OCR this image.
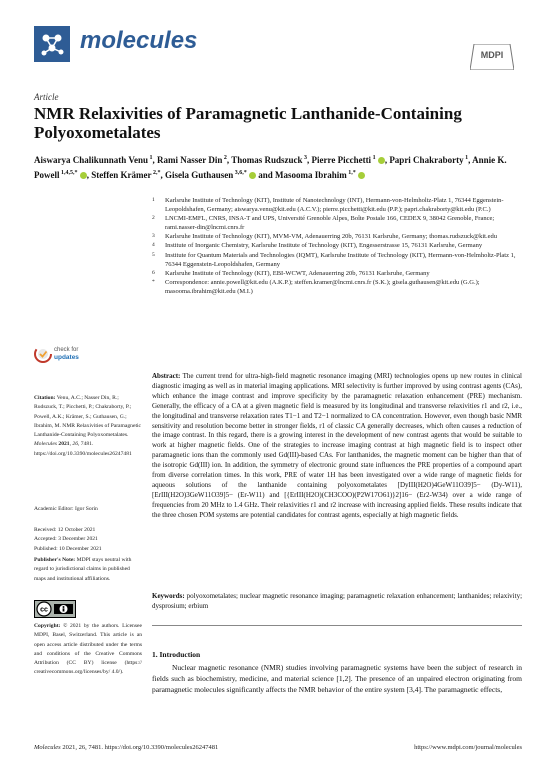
molecules
MDPI
Article
NMR Relaxivities of Paramagnetic Lanthanide-Containing Polyoxometalates
Aiswarya Chalikunnath Venu $^1$, Rami Nasser Din $^2$, Thomas Rudszuck $^3$, Pierre Picchetti $^1$ , Papri Chakraborty $^1$, Annie K. Powell $^{1,4,5,*}$ , Steffen Krämer $^{2,*}$, Gisela Guthausen $^{3,6,*}$ and Masooma Ibrahim $^{1,*}$
1	Karlsruhe Institute of Technology (KIT), Institute of Nanotechnology (INT), Hermann-von-Helmholtz-Platz 1, 76344 Eggenstein-Leopoldshafen, Germany; aiswarya.venu@kit.edu (A.C.V.); pierre.picchetti@kit.edu (P.P.); papri.chakraborty@kit.edu (P.C.)
2	LNCMI-EMFL, CNRS, INSA-T and UPS, Université Grenoble Alpes, Boîte Postale 166, CEDEX 9, 38042 Grenoble, France; rami.nasser-din@lncmi.cnrs.fr
3	Karlsruhe Institute of Technology (KIT), MVM-VM, Adenauerring 20b, 76131 Karlsruhe, Germany; thomas.rudszuck@kit.edu
4	Institute of Inorganic Chemistry, Karlsruhe Institute of Technology (KIT), Engesserstrasse 15, 76131 Karlsruhe, Germany
5	Institute for Quantum Materials and Technologies (IQMT), Karlsruhe Institute of Technology (KIT), Hermann-von-Helmholtz-Platz 1, 76344 Eggenstein-Leopoldshafen, Germany
6	Karlsruhe Institute of Technology (KIT), EBI-WCWT, Adenauerring 20b, 76131 Karlsruhe, Germany
*	Correspondence: annie.powell@kit.edu (A.K.P.); steffen.kramer@lncmi.cnrs.fr (S.K.); gisela.guthausen@kit.edu (G.G.); masooma.ibrahim@kit.edu (M.I.)
check for
updates
Citation: Venu, A.C.; Nasser Din, R.; Rudszuck, T.; Picchetti, P.; Chakraborty, P.; Powell, A.K.; Krämer, S.; Guthausen, G.; Ibrahim, M. NMR Relaxivities of Paramagnetic Lanthanide-Containing Polyoxometalates. Molecules 2021, 26, 7481. https://doi.org/10.3390/molecules26247481
Academic Editor: Igor Sorin
Received: 12 October 2021
Accepted: 3 December 2021
Published: 10 December 2021
Publisher's Note: MDPI stays neutral with regard to jurisdictional claims in published maps and institutional affiliations.
cc
Copyright: © 2021 by the authors. Licensee MDPI, Basel, Switzerland. This article is an open access article distributed under the terms and conditions of the Creative Commons Attribution (CC BY) license (https:// creativecommons.org/licenses/by/ 4.0/).
Abstract: The current trend for ultra-high-field magnetic resonance imaging (MRI) technologies opens up new routes in clinical diagnostic imaging as well as in material imaging applications. MRI selectivity is further improved by using contrast agents (CAs), which enhance the image contrast and improve specificity by the paramagnetic relaxation enhancement (PRE) mechanism. Generally, the efficacy of a CA at a given magnetic field is measured by its longitudinal and transverse relaxivities r1 and r2, i.e., the longitudinal and transverse relaxation rates T1−1 and T2−1 normalized to CA concentration. However, even though basic NMR sensitivity and resolution become better in stronger fields, r1 of classic CA generally decreases, which often causes a reduction of the image contrast. In this regard, there is a growing interest in the development of new contrast agents that would be suitable to work at higher magnetic fields. One of the strategies to increase imaging contrast at high magnetic field is to inspect other paramagnetic ions than the commonly used Gd(III)-based CAs. For lanthanides, the magnetic moment can be higher than that of the isotropic Gd(III) ion. In addition, the symmetry of electronic ground state influences the PRE properties of a compound apart from diverse correlation times. In this work, PRE of water 1H has been investigated over a wide range of magnetic fields for aqueous solutions of the lanthanide containing polyoxometalates [DyIII(H2O)4GeW11O39]5− (Dy-W11), [ErIII(H2O)3GeW11O39]5− (Er-W11) and [{ErIII(H2O)(CH3COO)(P2W17O61)}2]16− (Er2-W34) over a wide range of frequencies from 20 MHz to 1.4 GHz. Their relaxivities r1 and r2 increase with increasing applied fields. These results indicate that the three chosen POM systems are potential candidates for contrast agents, especially at high magnetic fields.
Keywords: polyoxometalates; nuclear magnetic resonance imaging; paramagnetic relaxation enhancement; lanthanides; relaxivity; dysprosium; erbium
1. Introduction
Nuclear magnetic resonance (NMR) studies involving paramagnetic systems have been the subject of research in fields such as biochemistry, medicine, and material science [1,2]. The presence of an unpaired electron originating from paramagnetic molecules significantly affects the NMR behavior of the entire system [3,4]. The paramagnetic effects,
Molecules 2021, 26, 7481. https://doi.org/10.3390/molecules26247481	https://www.mdpi.com/journal/molecules
